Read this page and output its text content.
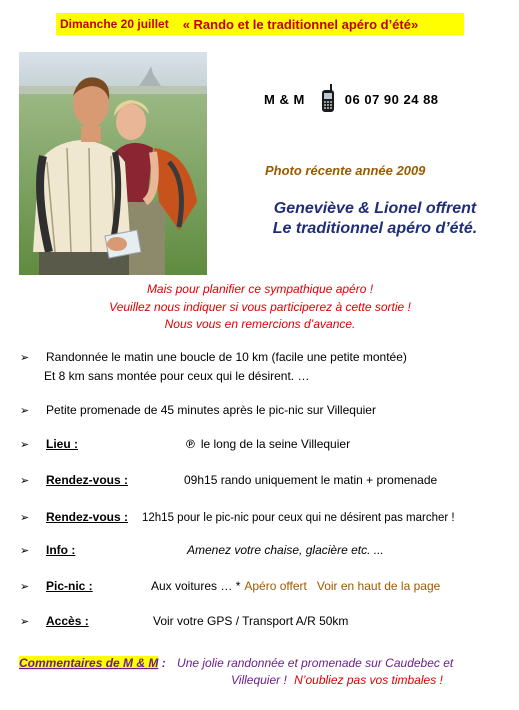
Dimanche 20 juillet « Rando et le traditionnel apéro d’été»
M & M	06 07 90 24 88
Photo récente année 2009
Geneviève & Lionel offrent
Le traditionnel apéro d’été.
Mais pour planifier ce sympathique apéro !
Veuillez nous indiquer si vous participerez à cette sortie !
Nous vous en remercions d’avance.
➢	Randonnée le matin une boucle de 10 km (facile une petite montée)
Et 8 km sans montée pour ceux qui le désirent. …
➢	Petite promenade de 45 minutes après le pic-nic sur Villequier
➢	Lieu :	℗ le long de la seine Villequier
➢	Rendez-vous :	09h15 rando uniquement le matin + promenade
➢	Rendez-vous :	12h15 pour le pic-nic pour ceux qui ne désirent pas marcher !
➢	Info :	Amenez votre chaise, glacière etc. ...
➢	Pic-nic :	Aux voitures … * Apéro offert Voir en haut de la page
➢	Accès :	Voir votre GPS / Transport A/R 50km
Commentaires de M & M : Une jolie randonnée et promenade sur Caudebec et
Villequier ! N’oubliez pas vos timbales !
